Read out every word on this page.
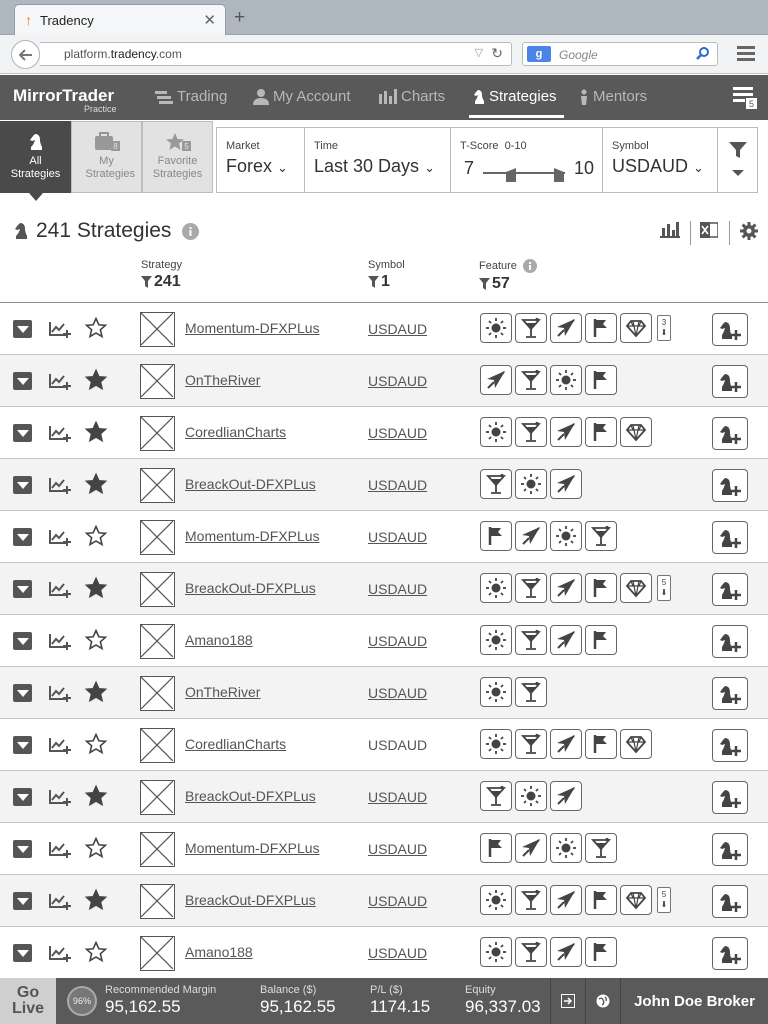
↑ Tradency	✕ +
platform.tradency.com	▽ ↻	g	Google
MirrorTrader
Practice
Trading	My Account	Charts	Strategies Mentors	5
All Strategies
8
My Strategies
5
Favorite Strategies
Market
Forex ⌄
Time
Last 30 Days ⌄
T-Score 0-10
7	10
Symbol
USDAUD ⌄
241 Strategies
Strategy
241
Symbol
1
Feature
57
Momentum-DFXPLus	USDAUD	3
⬇
OnTheRiver	USDAUD
CoredlianCharts	USDAUD
BreackOut-DFXPLus	USDAUD
Momentum-DFXPLus	USDAUD
BreackOut-DFXPLus	USDAUD	5
⬇
Amano188	USDAUD
OnTheRiver	USDAUD
CoredlianCharts	USDAUD
BreackOut-DFXPLus	USDAUD
Momentum-DFXPLus	USDAUD
BreackOut-DFXPLus	USDAUD	5
⬇
Amano188	USDAUD
Go
Live	96%
Recommended Margin
95,162.55
Balance ($)
95,162.55
P/L ($)
1174.15
Equity
96,337.03	John Doe Broker
